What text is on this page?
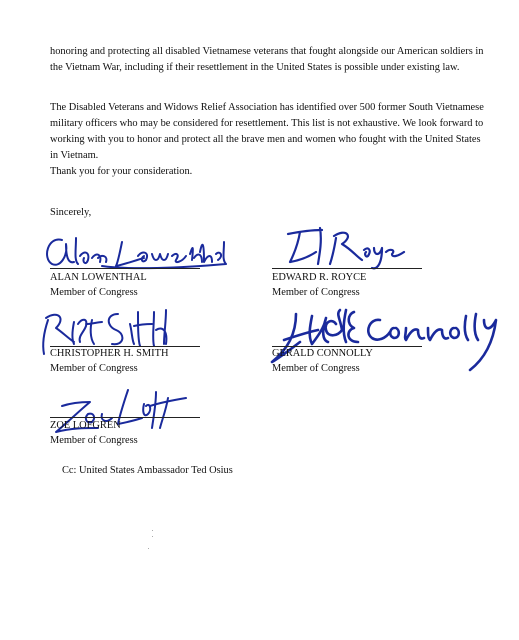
honoring and protecting all disabled Vietnamese veterans that fought alongside our American soldiers in the Vietnam War, including if their resettlement in the United States is possible under existing law.

The Disabled Veterans and Widows Relief Association has identified over 500 former South Vietnamese military officers who may be considered for resettlement. This list is not exhaustive. We look forward to working with you to honor and protect all the brave men and women who fought with the United States in Vietnam.

Thank you for your consideration.

Sincerely,

ALAN LOWENTHAL
Member of Congress
EDWARD R. ROYCE
Member of Congress
CHRISTOPHER H. SMITH
Member of Congress
GERALD CONNOLLY
Member of Congress
ZOE LOFGREN
Member of Congress
Cc: United States Ambassador Ted Osius
